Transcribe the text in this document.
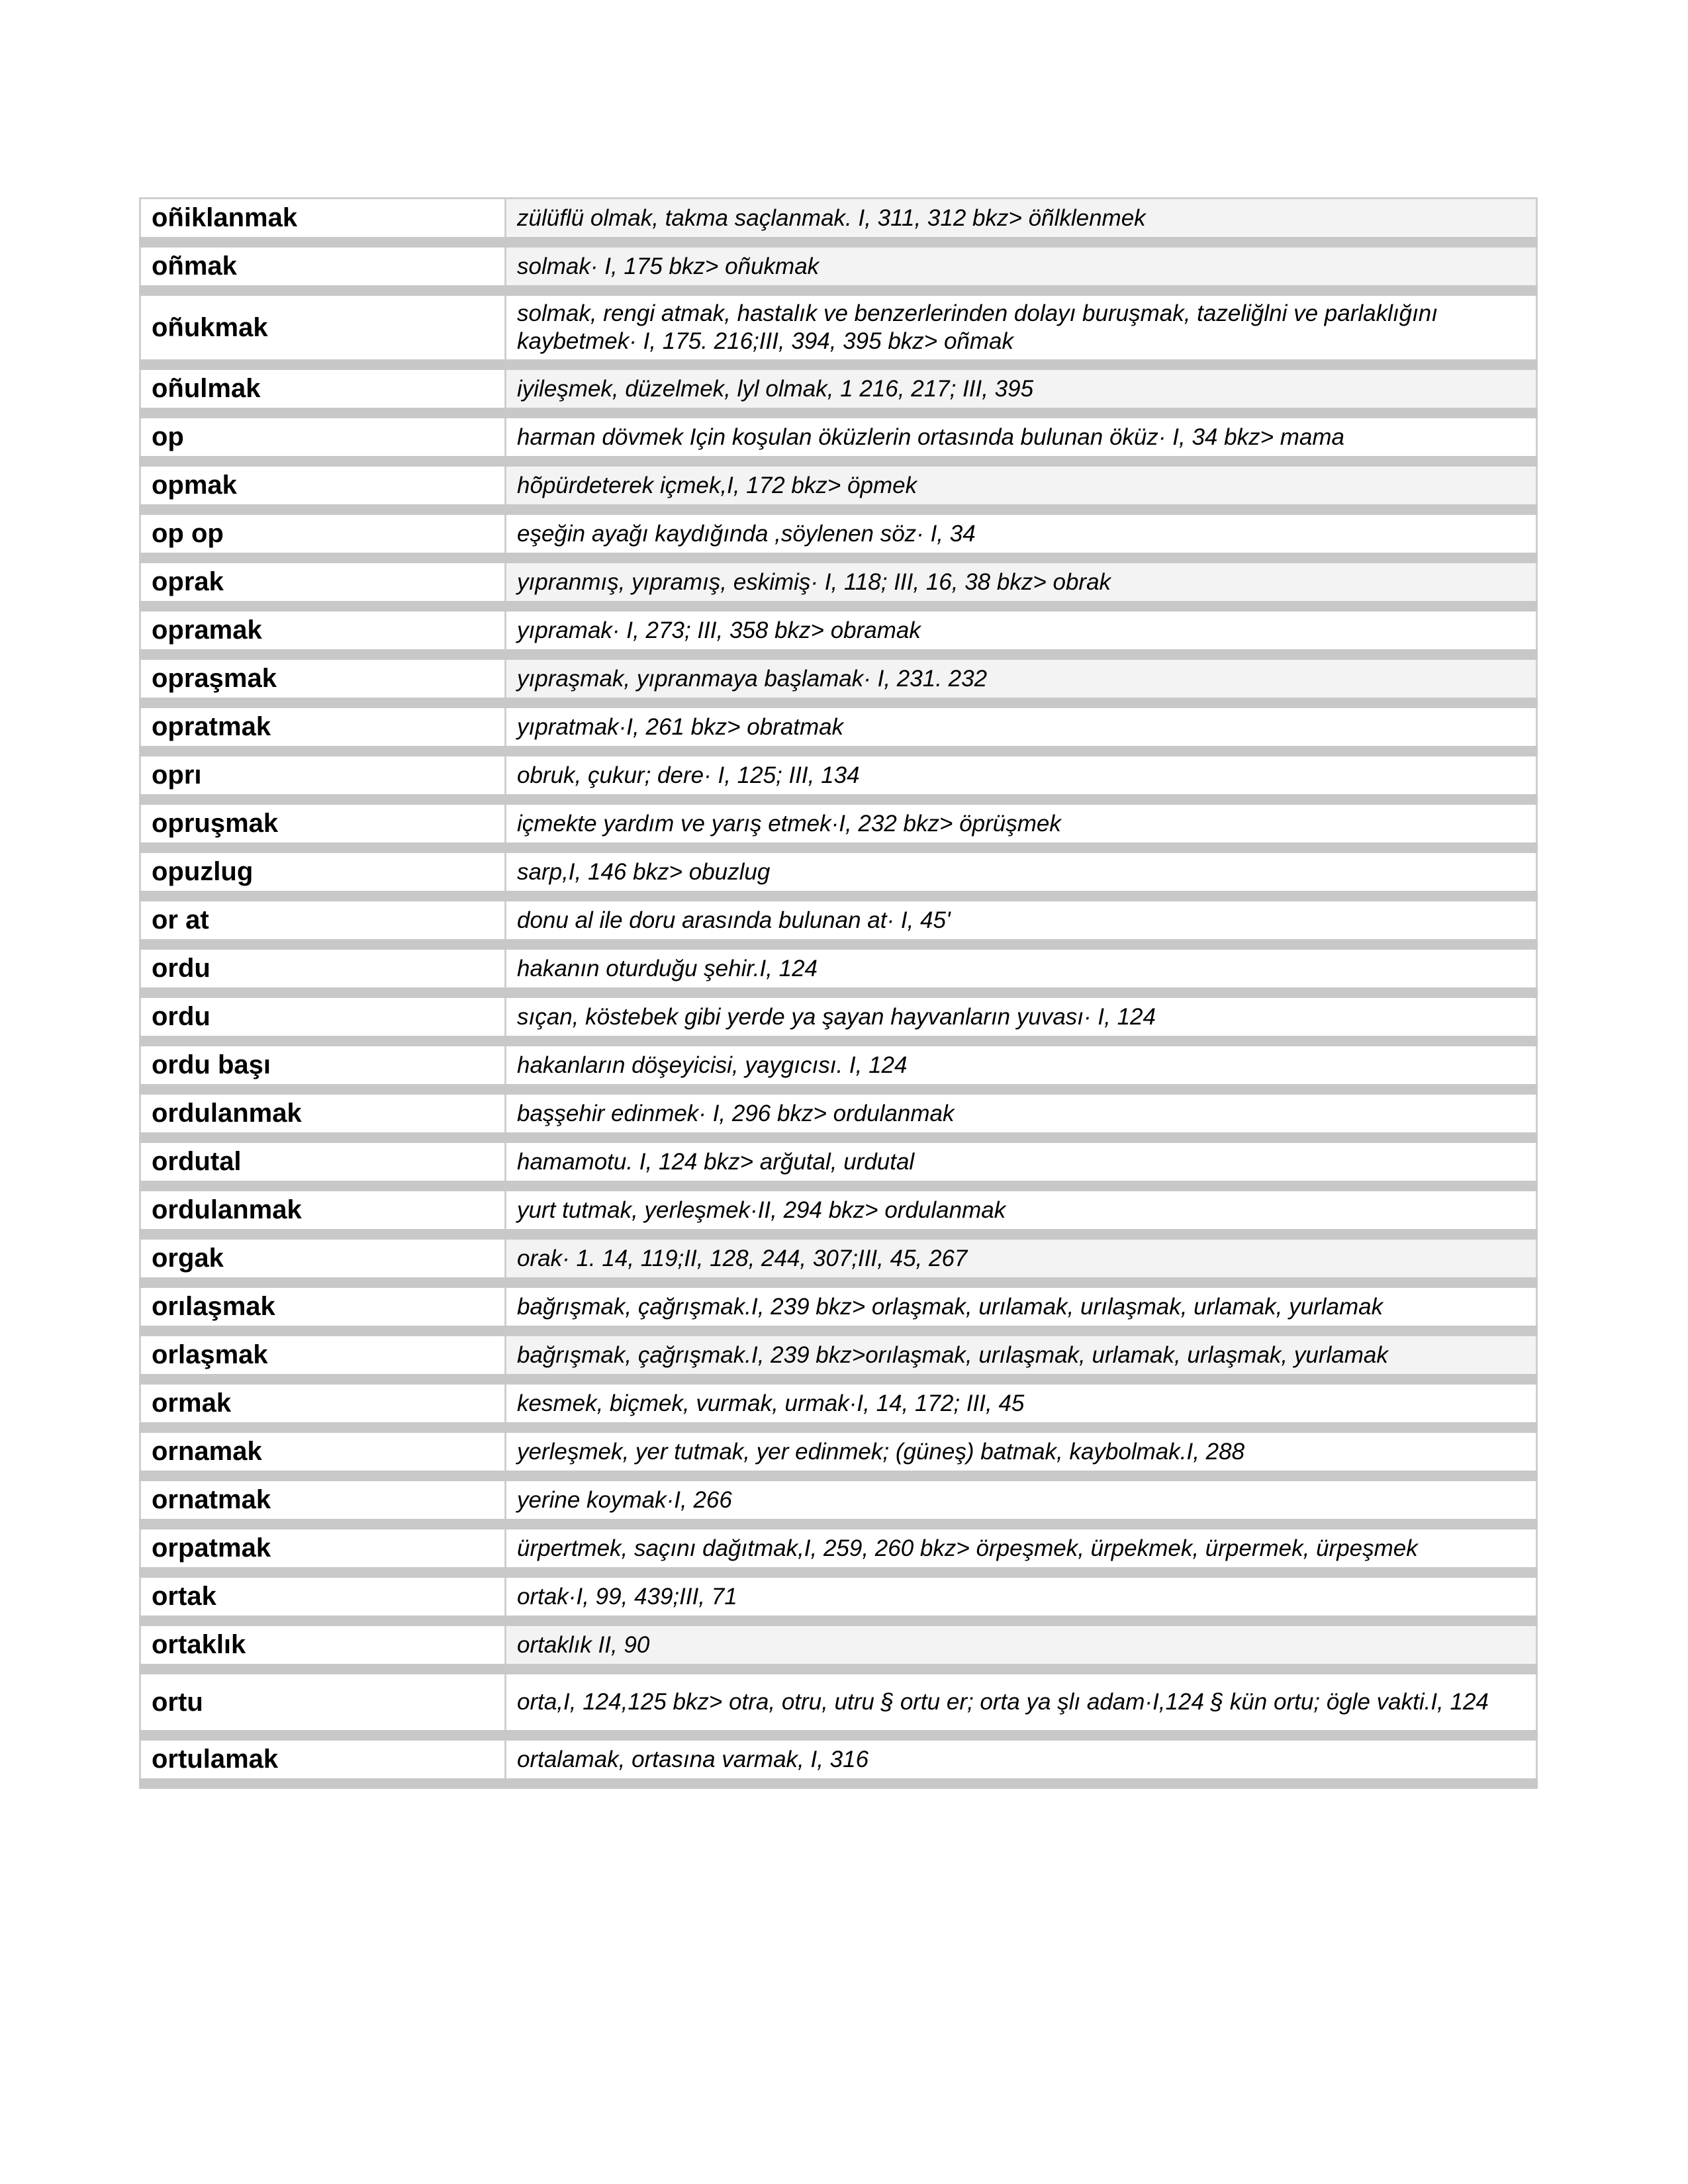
oñiklanmak	zülüflü olmak, takma saçlanmak. I, 311, 312 bkz> öñlklenmek
oñmak	solmak· I, 175 bkz> oñukmak
oñukmak	solmak, rengi atmak, hastalık ve benzerlerinden dolayı buruşmak, tazeliğlni ve parlaklığını kaybetmek· I, 175. 216;III, 394, 395 bkz> oñmak
oñulmak	iyileşmek, düzelmek, lyl olmak, 1 216, 217; III, 395
op	harman dövmek Için koşulan öküzlerin ortasında bulunan öküz· I, 34 bkz> mama
opmak	hõpürdeterek içmek,I, 172 bkz> öpmek
op op	eşeğin ayağı kaydığında ,söylenen söz· I, 34
oprak	yıpranmış, yıpramış, eskimiş· I, 118; III, 16, 38 bkz> obrak
opramak	yıpramak· I, 273; III, 358 bkz> obramak
opraşmak	yıpraşmak, yıpranmaya başlamak· I, 231. 232
opratmak	yıpratmak·I, 261 bkz> obratmak
oprı	obruk, çukur; dere· I, 125; III, 134
opruşmak	içmekte yardım ve yarış etmek·I, 232 bkz> öprüşmek
opuzlug	sarp,I, 146 bkz> obuzlug
or at	donu al ile doru arasında bulunan at· I, 45'
ordu	hakanın oturduğu şehir.I, 124
ordu	sıçan, köstebek gibi yerde ya şayan hayvanların yuvası· I, 124
ordu başı	hakanların döşeyicisi, yaygıcısı. I, 124
ordulanmak	başşehir edinmek· I, 296 bkz> ordulanmak
ordutal	hamamotu. I, 124 bkz> arğutal, urdutal
ordulanmak	yurt tutmak, yerleşmek·II, 294 bkz> ordulanmak
orgak	orak· 1. 14, 119;II, 128, 244, 307;III, 45, 267
orılaşmak	bağrışmak, çağrışmak.I, 239 bkz> orlaşmak, urılamak, urılaşmak, urlamak, yurlamak
orlaşmak	bağrışmak, çağrışmak.I, 239 bkz>orılaşmak, urılaşmak, urlamak, urlaşmak, yurlamak
ormak	kesmek, biçmek, vurmak, urmak·I, 14, 172; III, 45
ornamak	yerleşmek, yer tutmak, yer edinmek; (güneş) batmak, kaybolmak.I, 288
ornatmak	yerine koymak·I, 266
orpatmak	ürpertmek, saçını dağıtmak,I, 259, 260 bkz> örpeşmek, ürpekmek, ürpermek, ürpeşmek
ortak	ortak·I, 99, 439;III, 71
ortaklık	ortaklık II, 90
ortu	orta,I, 124,125 bkz> otra, otru, utru § ortu er; orta ya şlı adam·I,124 § kün ortu; ögle vakti.I, 124
ortulamak	ortalamak, ortasına varmak, I, 316
